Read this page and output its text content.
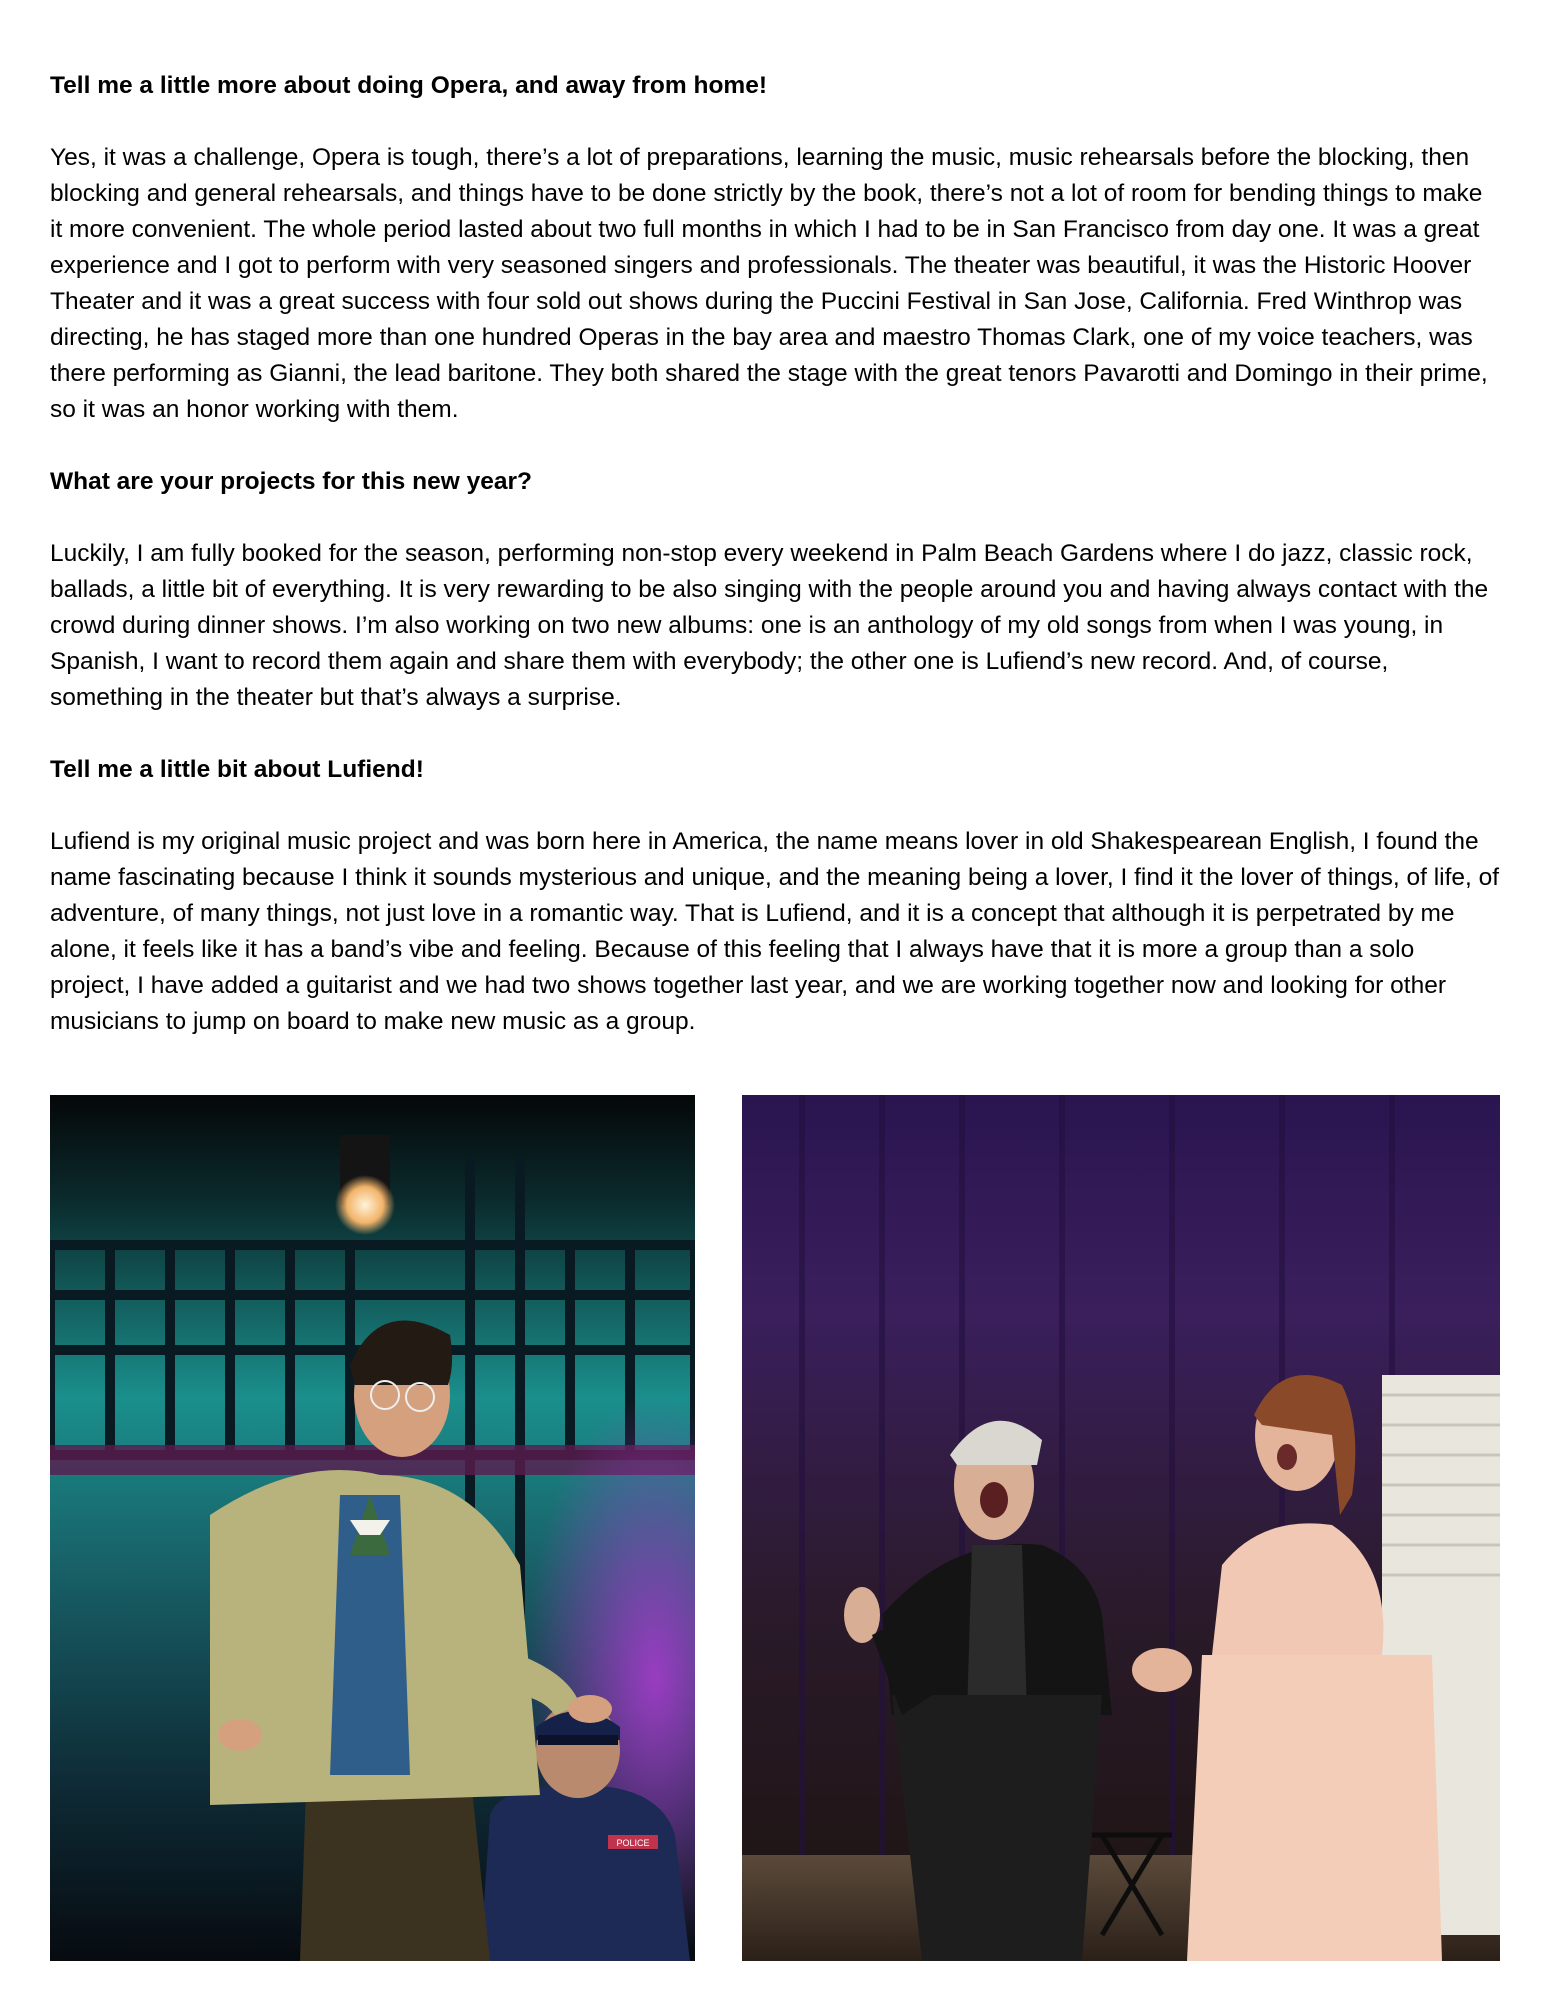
Tell me a little more about doing Opera, and away from home!

Yes, it was a challenge, Opera is tough, there’s a lot of preparations, learning the music, music rehearsals before the blocking, then blocking and general rehearsals, and things have to be done strictly by the book, there’s not a lot of room for bending things to make it more convenient. The whole period lasted about two full months in which I had to be in San Francisco from day one. It was a great experience and I got to perform with very seasoned singers and professionals. The theater was beautiful, it was the Historic Hoover Theater and it was a great success with four sold out shows during the Puccini Festival in San Jose, California. Fred Winthrop was directing, he has staged more than one hundred Operas in the bay area and maestro Thomas Clark, one of my voice teachers, was there performing as Gianni, the lead baritone. They both shared the stage with the great tenors Pavarotti and Domingo in their prime, so it was an honor working with them.

What are your projects for this new year?

Luckily, I am fully booked for the season, performing non-stop every weekend in Palm Beach Gardens where I do jazz, classic rock, ballads, a little bit of everything. It is very rewarding to be also singing with the people around you and having always contact with the crowd during dinner shows. I’m also working on two new albums: one is an anthology of my old songs from when I was young, in Spanish, I want to record them again and share them with everybody; the other one is Lufiend’s new record. And, of course, something in the theater but that’s always a surprise.

Tell me a little bit about Lufiend!

Lufiend is my original music project and was born here in America, the name means lover in old Shakespearean English, I found the name fascinating because I think it sounds mysterious and unique, and the meaning being a lover, I find it the lover of things, of life, of adventure, of many things, not just love in a romantic way. That is Lufiend, and it is a concept that although it is perpetrated by me alone, it feels like it has a band’s vibe and feeling. Because of this feeling that I always have that it is more a group than a solo project, I have added a guitarist and we had two shows together last year, and we are working together now and looking for other musicians to jump on board to make new music as a group.

POLICE
